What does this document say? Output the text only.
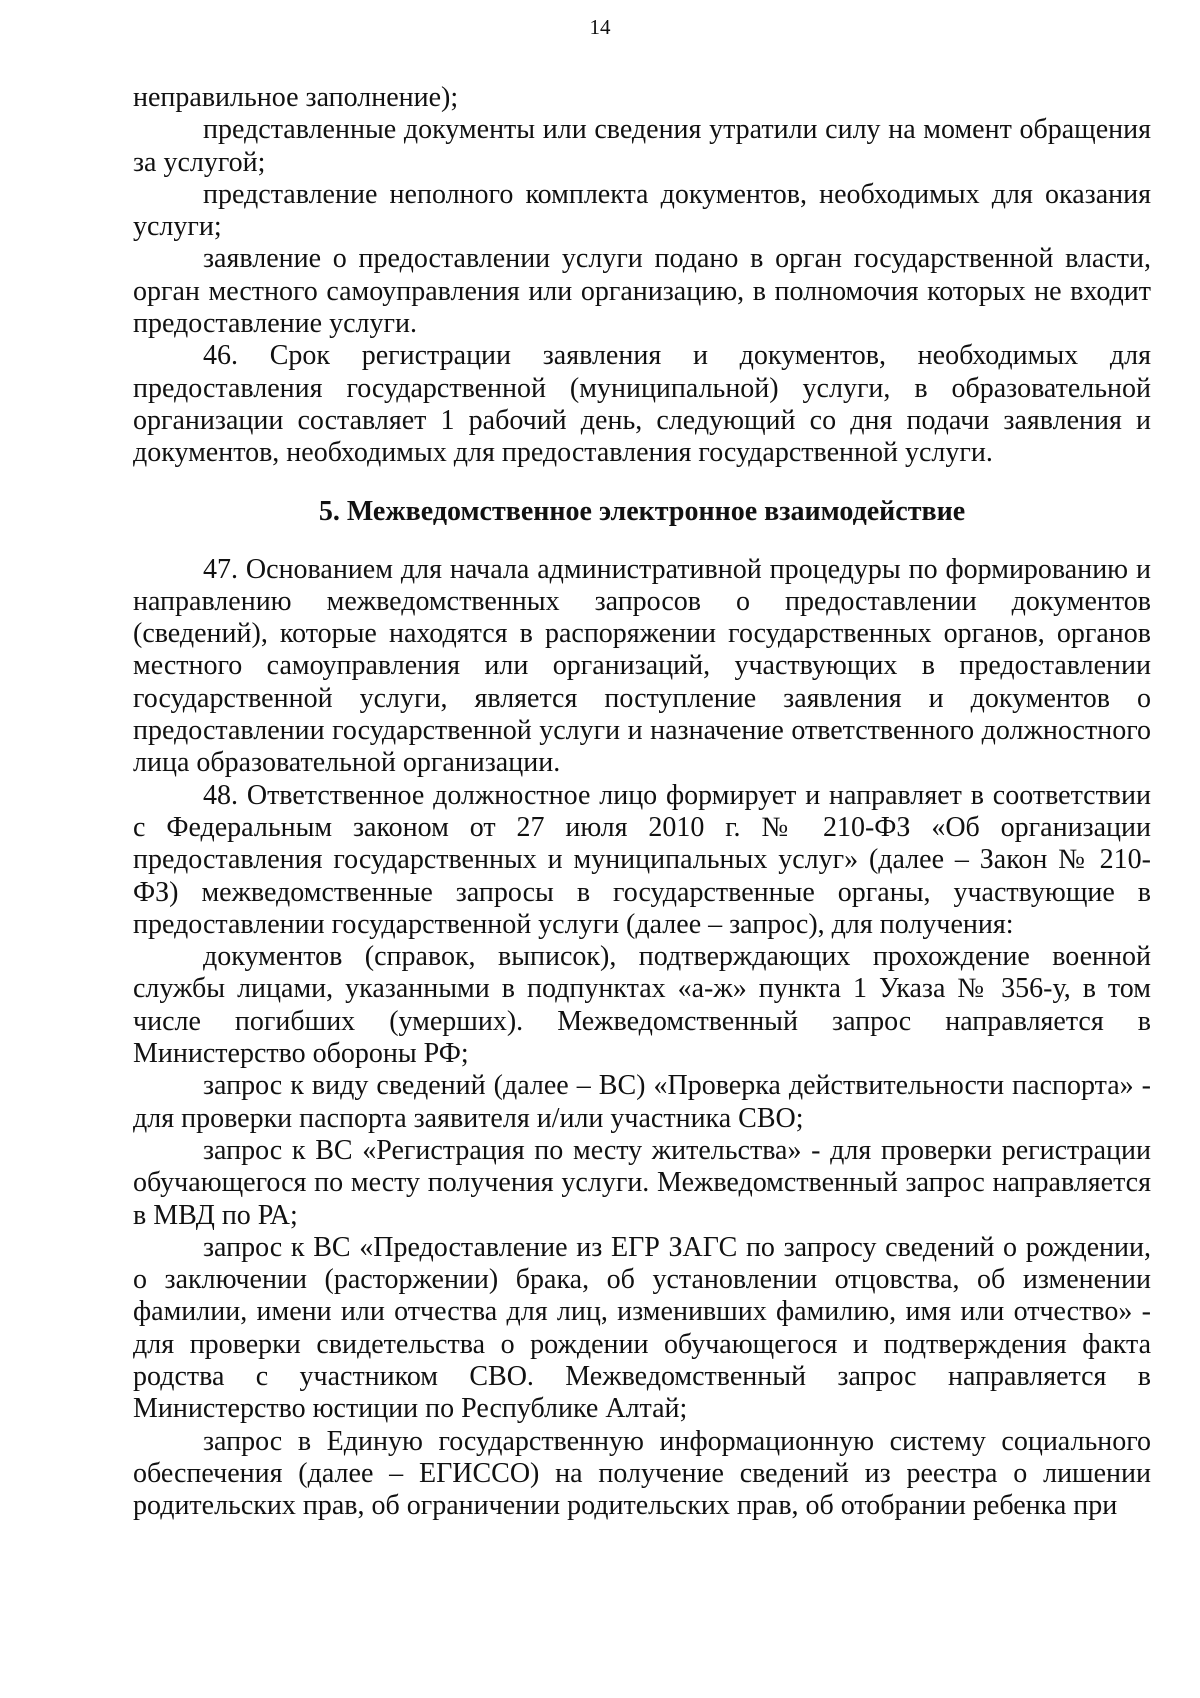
14

неправильное заполнение);

представленные документы или сведения утратили силу на момент обращения за услугой;

представление неполного комплекта документов, необходимых для оказания услуги;

заявление о предоставлении услуги подано в орган государственной власти, орган местного самоуправления или организацию, в полномочия которых не входит предоставление услуги.

46. Срок регистрации заявления и документов, необходимых для предоставления государственной (муниципальной) услуги, в образовательной организации составляет 1 рабочий день, следующий со дня подачи заявления и документов, необходимых для предоставления государственной услуги.

5. Межведомственное электронное взаимодействие

47. Основанием для начала административной процедуры по формированию и направлению межведомственных запросов о предоставлении документов (сведений), которые находятся в распоряжении государственных органов, органов местного самоуправления или организаций, участвующих в предоставлении государственной услуги, является поступление заявления и документов о предоставлении государственной услуги и назначение ответственного должностного лица образовательной организации.

48. Ответственное должностное лицо формирует и направляет в соответствии с Федеральным законом от 27 июля 2010 г. № 210-ФЗ «Об организации предоставления государственных и муниципальных услуг» (далее – Закон № 210-ФЗ) межведомственные запросы в государственные органы, участвующие в предоставлении государственной услуги (далее – запрос), для получения:

документов (справок, выписок), подтверждающих прохождение военной службы лицами, указанными в подпунктах «а-ж» пункта 1 Указа № 356-у, в том числе погибших (умерших). Межведомственный запрос направляется в Министерство обороны РФ;

запрос к виду сведений (далее – ВС) «Проверка действительности паспорта» - для проверки паспорта заявителя и/или участника СВО;

запрос к ВС «Регистрация по месту жительства» - для проверки регистрации обучающегося по месту получения услуги. Межведомственный запрос направляется в МВД по РА;

запрос к ВС «Предоставление из ЕГР ЗАГС по запросу сведений о рождении, о заключении (расторжении) брака, об установлении отцовства, об изменении фамилии, имени или отчества для лиц, изменивших фамилию, имя или отчество» - для проверки свидетельства о рождении обучающегося и подтверждения факта родства с участником СВО. Межведомственный запрос направляется в Министерство юстиции по Республике Алтай;

запрос в Единую государственную информационную систему социального обеспечения (далее – ЕГИССО) на получение сведений из реестра о лишении родительских прав, об ограничении родительских прав, об отобрании ребенка при
